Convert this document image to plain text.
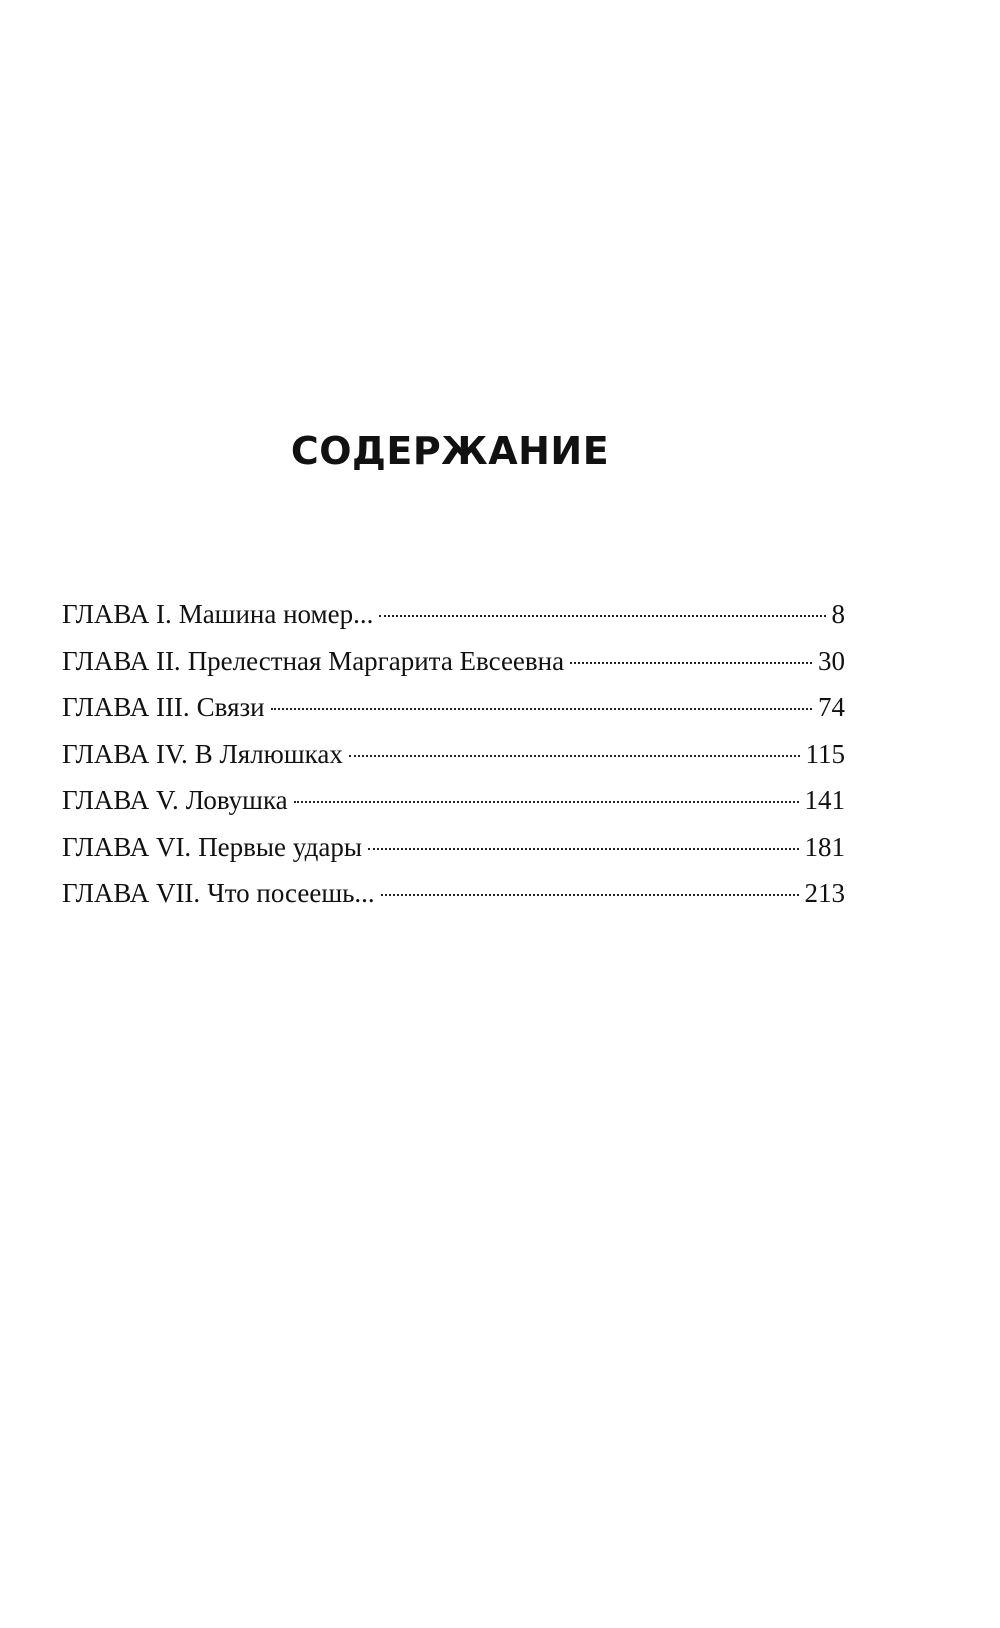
СОДЕРЖАНИЕ
ГЛАВА I. Машина номер...	8
ГЛАВА II. Прелестная Маргарита Евсеевна	30
ГЛАВА III. Связи	74
ГЛАВА IV. В Лялюшках	115
ГЛАВА V. Ловушка	141
ГЛАВА VI. Первые удары	181
ГЛАВА VII. Что посеешь...	213
